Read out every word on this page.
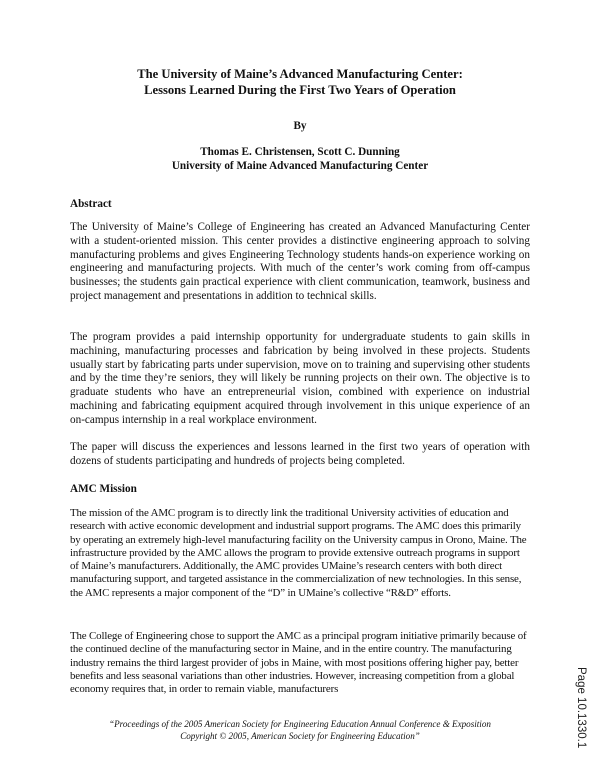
The University of Maine’s Advanced Manufacturing Center:
Lessons Learned During the First Two Years of Operation
By
Thomas E. Christensen, Scott C. Dunning
University of Maine Advanced Manufacturing Center
Abstract
The University of Maine’s College of Engineering has created an Advanced Manufacturing Center with a student-oriented mission. This center provides a distinctive engineering approach to solving manufacturing problems and gives Engineering Technology students hands-on experience working on engineering and manufacturing projects. With much of the center’s work coming from off-campus businesses; the students gain practical experience with client communication, teamwork, business and project management and presentations in addition to technical skills.
The program provides a paid internship opportunity for undergraduate students to gain skills in machining, manufacturing processes and fabrication by being involved in these projects. Students usually start by fabricating parts under supervision, move on to training and supervising other students and by the time they’re seniors, they will likely be running projects on their own. The objective is to graduate students who have an entrepreneurial vision, combined with experience on industrial machining and fabricating equipment acquired through involvement in this unique experience of an on-campus internship in a real workplace environment.
The paper will discuss the experiences and lessons learned in the first two years of operation with dozens of students participating and hundreds of projects being completed.
AMC Mission
The mission of the AMC program is to directly link the traditional University activities of education and research with active economic development and industrial support programs. The AMC does this primarily by operating an extremely high-level manufacturing facility on the University campus in Orono, Maine. The infrastructure provided by the AMC allows the program to provide extensive outreach programs in support of Maine’s manufacturers. Additionally, the AMC provides UMaine’s research centers with both direct manufacturing support, and targeted assistance in the commercialization of new technologies. In this sense, the AMC represents a major component of the “D” in UMaine’s collective “R&D” efforts.
The College of Engineering chose to support the AMC as a principal program initiative primarily because of the continued decline of the manufacturing sector in Maine, and in the entire country. The manufacturing industry remains the third largest provider of jobs in Maine, with most positions offering higher pay, better benefits and less seasonal variations than other industries. However, increasing competition from a global economy requires that, in order to remain viable, manufacturers
“Proceedings of the 2005 American Society for Engineering Education Annual Conference & Exposition
Copyright © 2005, American Society for Engineering Education”	Page 10.1330.1
